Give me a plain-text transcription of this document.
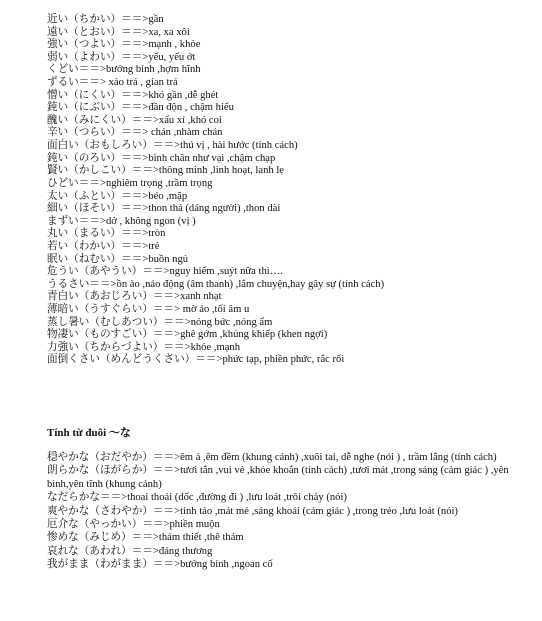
近い（ちかい）＝＝>gần
遠い（とおい）＝＝>xa, xa xôi
強い（つよい）＝＝>mạnh , khỏe
弱い（よわい）＝＝>yếu, yếu ớt
くどい＝＝>bướng bỉnh ,hợm hĩnh
ずるい＝＝> xảo trá , gian trá
憎い（にくい）＝＝>khó gần ,dễ ghét
鈍い（にぶい）＝＝>đần độn , chậm hiểu
醜い（みにくい）＝＝>xấu xí ,khó coi
辛い（つらい）＝＝> chán ,nhàm chán
面白い（おもしろい）＝＝>thú vị , hài hước (tính cách)
鈍い（のろい）＝＝>bình chân như vại ,chậm chạp
賢い（かしこい）＝＝>thông minh ,linh hoạt, lanh lẹ
ひどい＝＝>nghiêm trọng ,trầm trọng
太い（ふとい）＝＝>béo ,mập
細い（ほそい）＝＝>thon thả (dáng người) ,thon dài
まずい＝＝>dở , không ngon (vị )
丸い（まるい）＝＝>tròn
若い（わかい）＝＝>trẻ
眠い（ねむい）＝＝>buồn ngủ
危うい（あやうい）＝＝>nguy hiểm ,suýt nữa thì….
うるさい＝＝>ồn ào ,náo động (âm thanh) ,lắm chuyện,hay gây sự (tính cách)
青白い（あおじろい）＝＝>xanh nhạt
薄暗い（うすぐらい）＝＝> mờ ảo ,tối âm u
蒸し暑い（むしあつい）＝＝>nóng bức ,nóng ẩm
物凄い（ものすごい）＝＝>ghê gớm ,khủng khiếp (khen ngợi)
力強い（ちからづよい）＝＝>khỏe ,mạnh
面倒くさい（めんどうくさい）＝＝>phức tạp, phiền phức, rắc rối
Tính từ đuôi ～な
穏やかな（おだやか）＝＝>êm ả ,êm đềm (khung cảnh) ,xuôi tai, dễ nghe (nói ) , trầm lắng (tính cách)
朗らかな（ほがらか）＝＝>tươi tắn ,vui vẻ ,khỏe khoắn (tính cách) ,tươi mát ,trong sáng (cảm giác ) ,yên bình,yên tĩnh (khung cảnh)
なだらかな＝＝>thoai thoải (dốc ,đường đi ) ,lưu loát ,trôi chảy (nói)
爽やかな（さわやか）＝＝>tỉnh táo ,mát mẻ ,sảng khoái (cảm giác ) ,trong trẻo ,lưu loát (nói)
厄介な（やっかい）＝＝>phiền muộn
惨めな（みじめ）＝＝>thảm thiết ,thê thảm
哀れな（あわれ）＝＝>đáng thương
我がまま（わがまま）＝＝>bướng bỉnh ,ngoan cố
